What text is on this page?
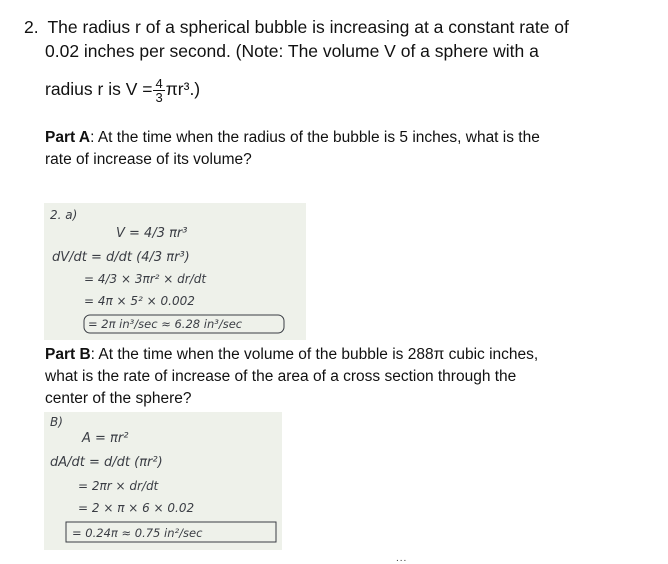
2. The radius r of a spherical bubble is increasing at a constant rate of
0.02 inches per second. (Note: The volume V of a sphere with a
radius r is $V = \frac{4}{3} \pi r^3$.)
Part A: At the time when the radius of the bubble is 5 inches, what is the
rate of increase of its volume?
2. a)
V = 4/3 πr³
dV/dt = d/dt (4/3 πr³)
= 4/3 × 3πr² × dr/dt
= 4π × 5² × 0.002
= 2π in³/sec ≈ 6.28 in³/sec
Part B: At the time when the volume of the bubble is 288π cubic inches,
what is the rate of increase of the area of a cross section through the
center of the sphere?
B)
A = πr²
dA/dt = d/dt (πr²)
= 2πr × dr/dt
= 2 × π × 6 × 0.02
= 0.24π ≈ 0.75 in²/sec
...
